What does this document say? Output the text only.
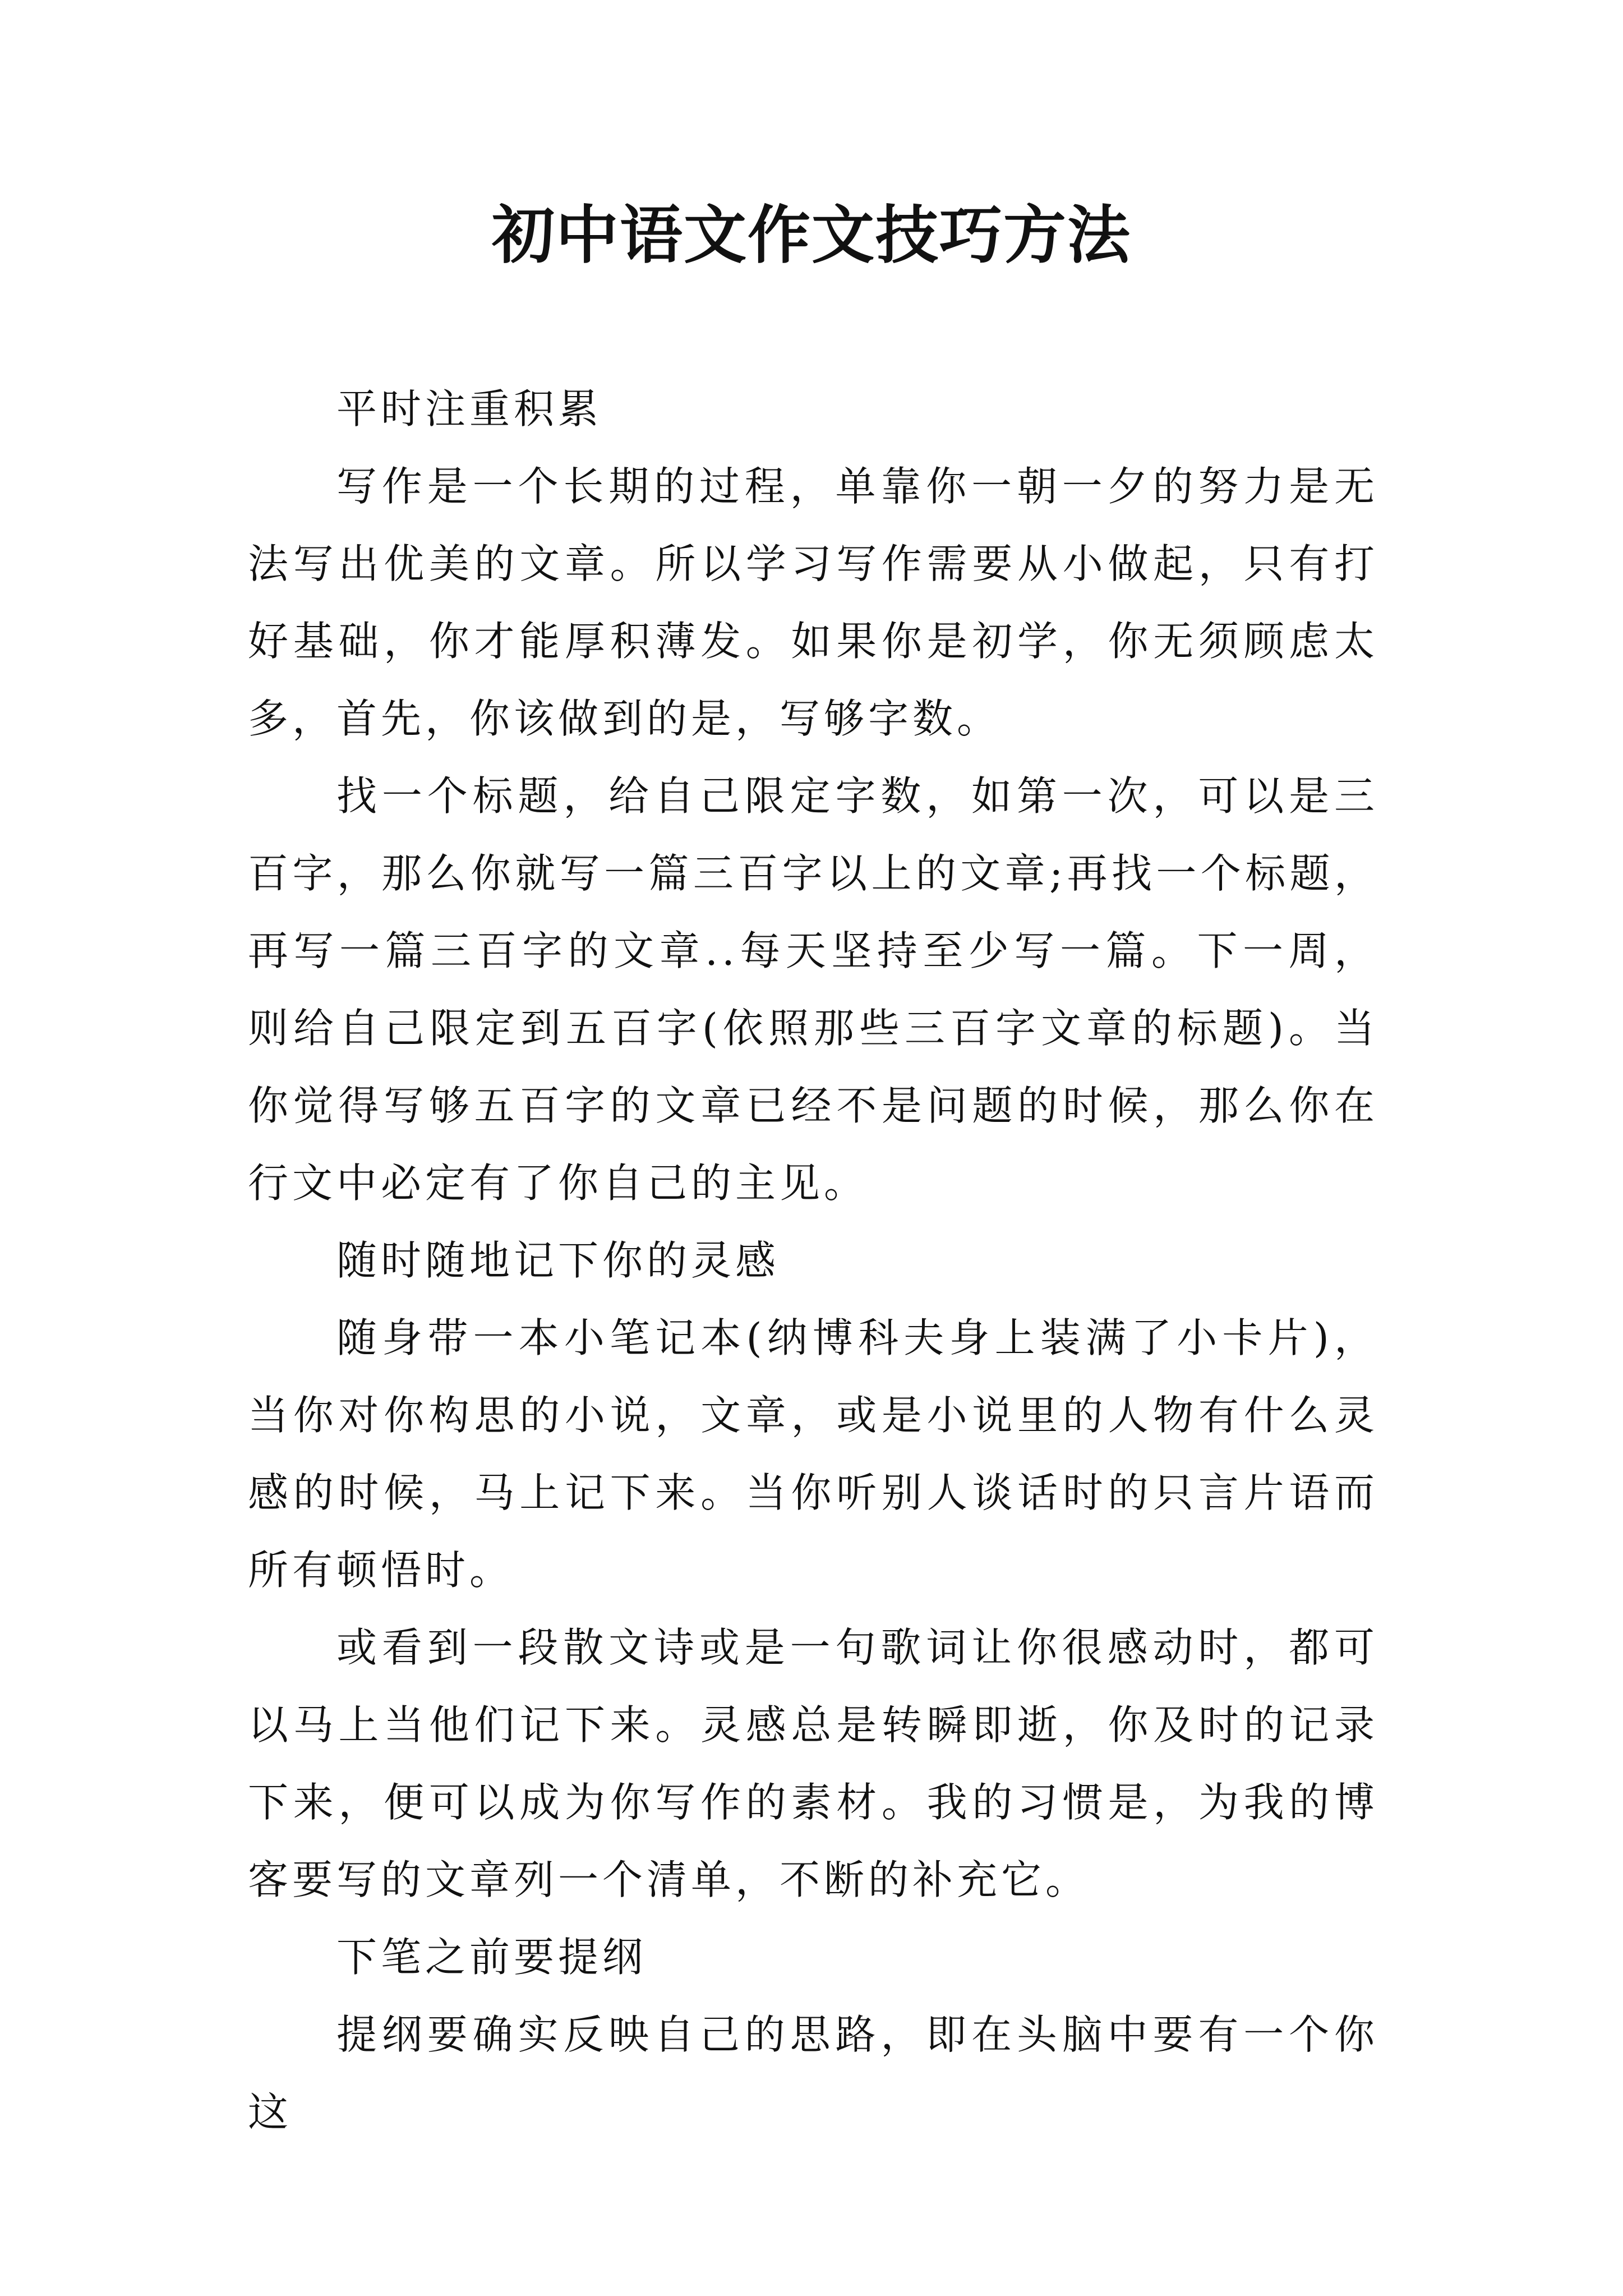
初中语文作文技巧方法

平时注重积累

写作是一个长期的过程，单靠你一朝一夕的努力是无法写出优美的文章。所以学习写作需要从小做起，只有打好基础，你才能厚积薄发。如果你是初学，你无须顾虑太多，首先，你该做到的是，写够字数。

找一个标题，给自己限定字数，如第一次，可以是三百字，那么你就写一篇三百字以上的文章;再找一个标题，再写一篇三百字的文章..每天坚持至少写一篇。下一周，则给自己限定到五百字(依照那些三百字文章的标题)。当你觉得写够五百字的文章已经不是问题的时候，那么你在行文中必定有了你自己的主见。

随时随地记下你的灵感

随身带一本小笔记本(纳博科夫身上装满了小卡片)，当你对你构思的小说，文章，或是小说里的人物有什么灵感的时候，马上记下来。当你听别人谈话时的只言片语而所有顿悟时。

或看到一段散文诗或是一句歌词让你很感动时，都可以马上当他们记下来。灵感总是转瞬即逝，你及时的记录下来，便可以成为你写作的素材。我的习惯是，为我的博客要写的文章列一个清单，不断的补充它。

下笔之前要提纲

提纲要确实反映自己的思路，即在头脑中要有一个你这
